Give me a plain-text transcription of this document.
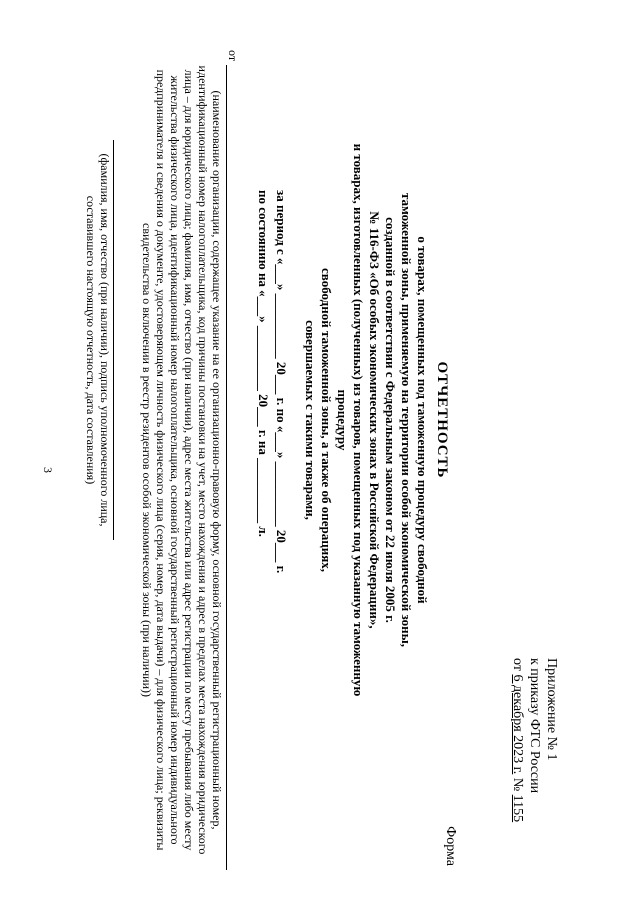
3
Приложение № 1
к приказу ФТС России
от 6 декабря 2023 г. № 1155
Форма
ОТЧЕТНОСТЬ
о товарах, помещенных под таможенную процедуру свободной
таможенной зоны, применяемую на территории особой экономической зоны,
созданной в соответствии с Федеральным законом от 22 июля 2005 г.
№ 116-ФЗ «Об особых экономических зонах в Российской Федерации»,
и товарах, изготовленных (полученных) из товаров, помещенных под указанную таможенную процедуру
свободной таможенной зоны, а также об операциях,
совершаемых с такими товарами,
за период с «___» __________ 20___ г. по «___» __________ 20___ г.
по состоянию на «___» __________ 20___ г. на __________ л.
от
(наименование организации, содержащее указание на ее организационно-правовую форму, основной государственный регистрационный номер, идентификационный номер налогоплательщика, код причины постановки на учет, место нахождения и адрес в пределах места нахождения юридического лица – для юридического лица; фамилия, имя, отчество (при наличии), адрес места жительства или адрес регистрации по месту пребывания либо месту жительства физического лица, идентификационный номер налогоплательщика, основной государственный регистрационный номер индивидуального предпринимателя и сведения о документе, удостоверяющем личность физического лица (серия, номер, дата выдачи) – для физического лица; реквизиты свидетельства о включении в реестр резидентов особой экономической зоны (при наличии))
(фамилия, имя, отчество (при наличии), подпись уполномоченного лица, составившего настоящую отчетность, дата составления)
